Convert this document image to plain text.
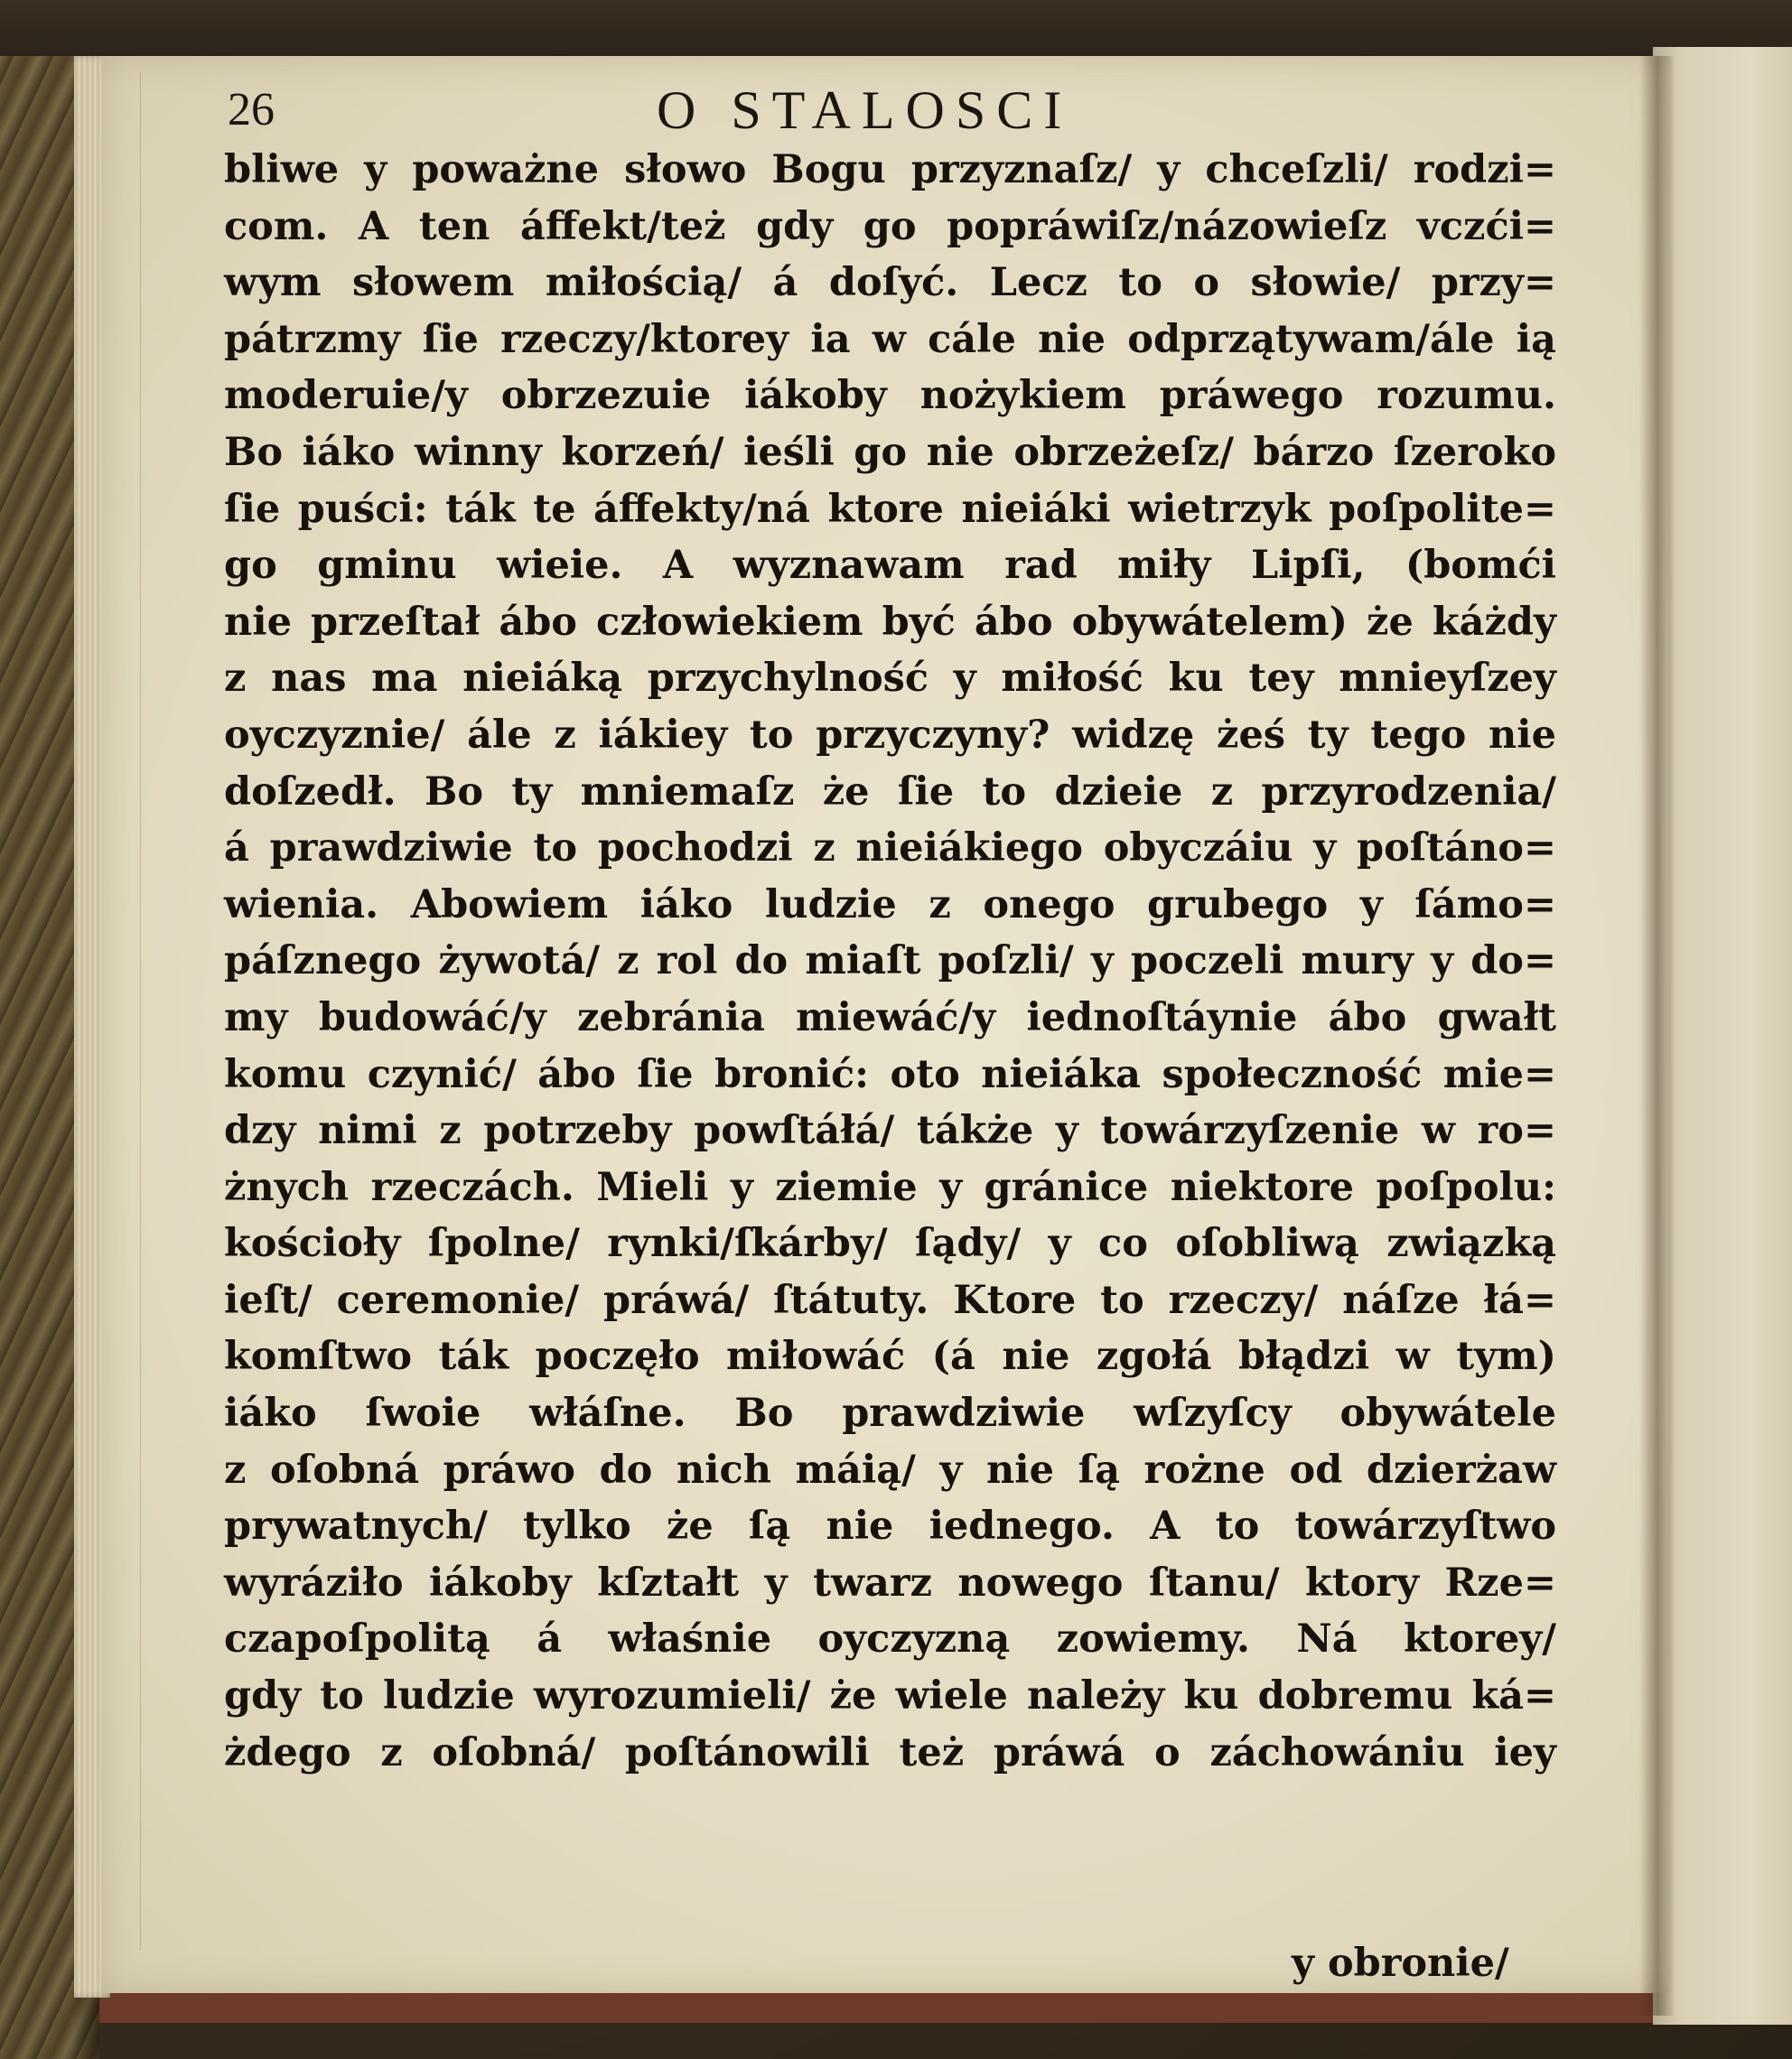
26	O STALOSCI
bliwe y poważne słowo Bogu przyznaſz/ y chceſzli/ rodzi=
com. A ten áffekt/też gdy go popráwiſz/názowieſz vczći=
wym słowem miłością/ á doſyć. Lecz to o słowie/ przy=
pátrzmy ſie rzeczy/ktorey ia w cále nie odprzątywam/ále ią
moderuie/y obrzezuie iákoby nożykiem práwego rozumu.
Bo iáko winny korzeń/ ieśli go nie obrzeżeſz/ bárzo ſzeroko
ſie puści: ták te áffekty/ná ktore nieiáki wietrzyk poſpolite=
go gminu wieie. A wyznawam rad miły Lipſi, (bomći
nie przeſtał ábo człowiekiem być ábo obywátelem) że káżdy
z nas ma nieiáką przychylność y miłość ku tey mnieyſzey
oyczyznie/ ále z iákiey to przyczyny? widzę żeś ty tego nie
doſzedł. Bo ty mniemaſz że ſie to dzieie z przyrodzenia/
á prawdziwie to pochodzi z nieiákiego obyczáiu y poſtáno=
wienia. Abowiem iáko ludzie z onego grubego y ſámo=
páſznego żywotá/ z rol do miaſt poſzli/ y poczeli mury y do=
my budowáć/y zebránia miewáć/y iednoſtáynie ábo gwałt
komu czynić/ ábo ſie bronić: oto nieiáka społeczność mie=
dzy nimi z potrzeby powſtáłá/ tákże y towárzyſzenie w ro=
żnych rzeczách. Mieli y ziemie y gránice niektore poſpolu:
kościoły ſpolne/ rynki/ſkárby/ ſądy/ y co oſobliwą związką
ieſt/ ceremonie/ práwá/ ſtátuty. Ktore to rzeczy/ náſze łá=
komſtwo ták poczęło miłowáć (á nie zgołá błądzi w tym)
iáko ſwoie włáſne. Bo prawdziwie wſzyſcy obywátele
z oſobná práwo do nich máią/ y nie ſą rożne od dzierżaw
prywatnych/ tylko że ſą nie iednego. A to towárzyſtwo
wyráziło iákoby kſztałt y twarz nowego ſtanu/ ktory Rze=
czapoſpolitą á właśnie oyczyzną zowiemy. Ná ktorey/
gdy to ludzie wyrozumieli/ że wiele należy ku dobremu ká=
żdego z oſobná/ poſtánowili też práwá o záchowániu iey
y obronie/
